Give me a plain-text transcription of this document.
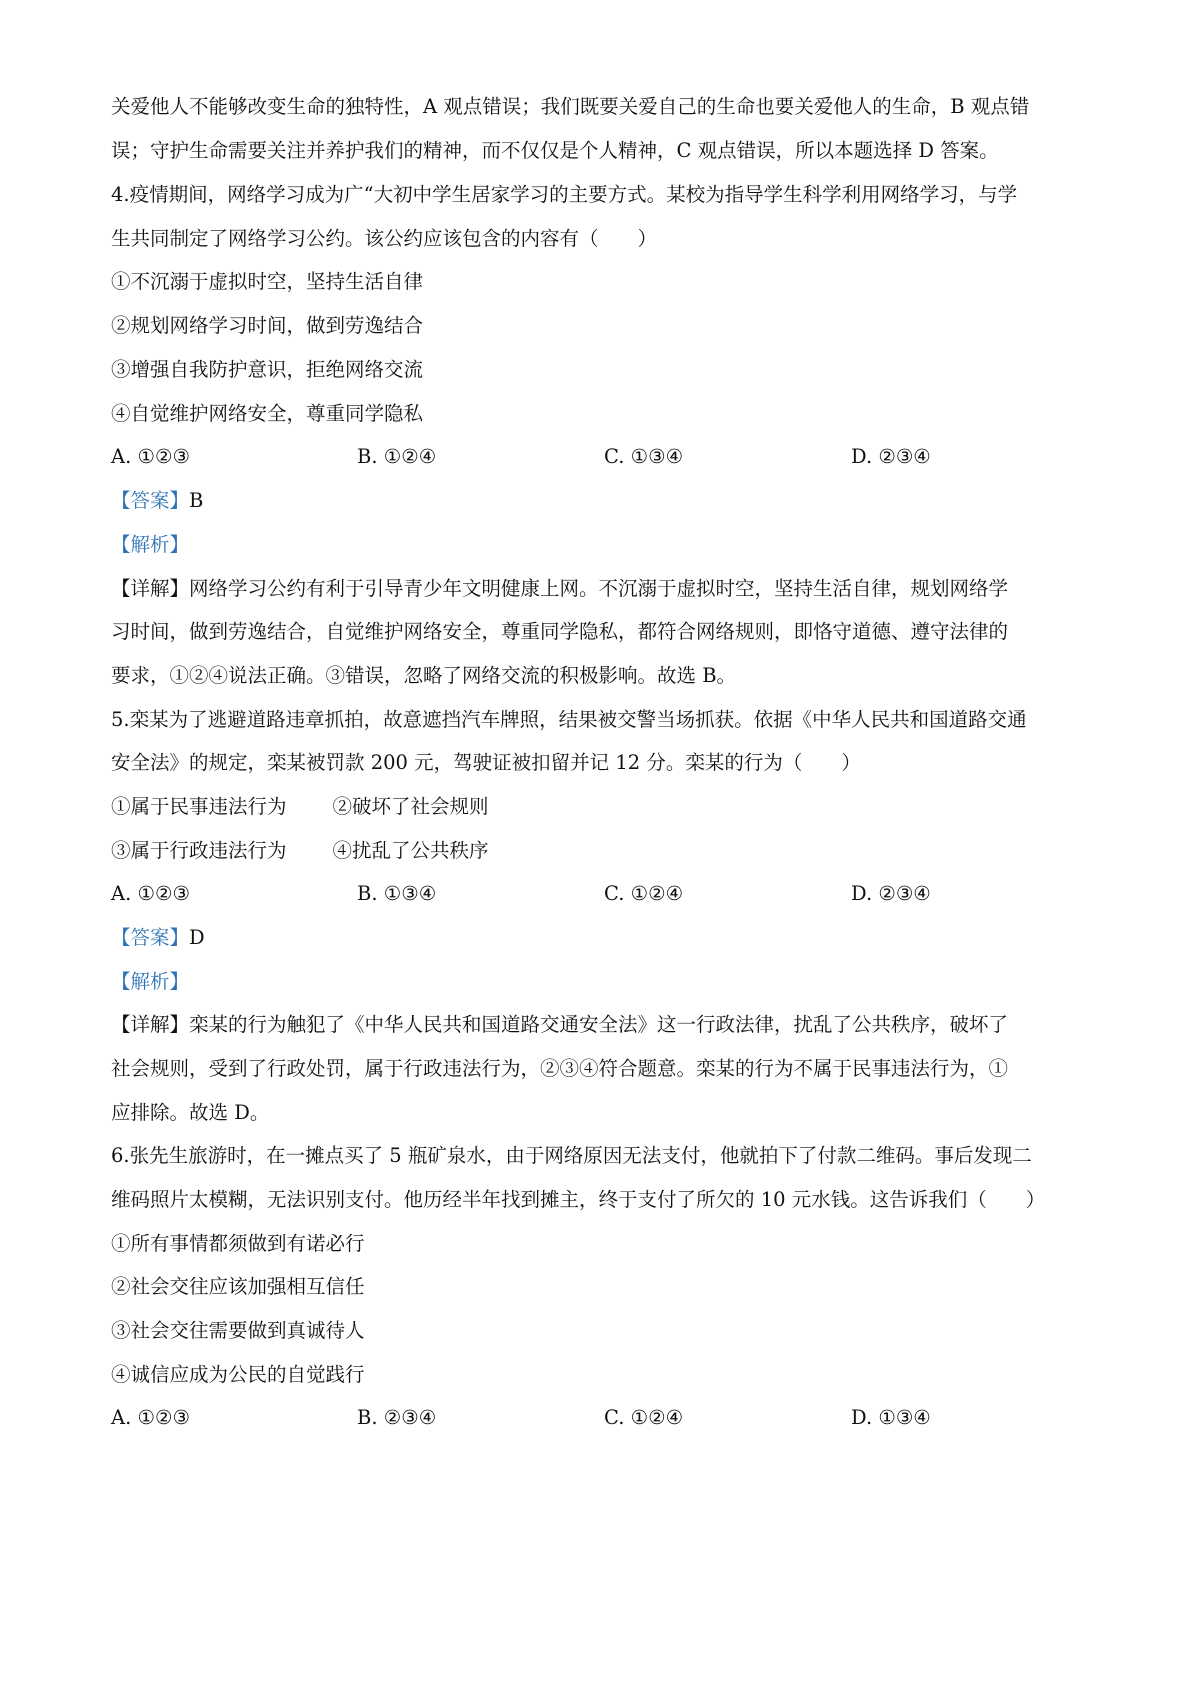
关爱他人不能够改变生命的独特性，A 观点错误；我们既要关爱自己的生命也要关爱他人的生命，B 观点错
误；守护生命需要关注并养护我们的精神，而不仅仅是个人精神，C 观点错误，所以本题选择 D 答案。
4.疫情期间，网络学习成为广“大初中学生居家学习的主要方式。某校为指导学生科学利用网络学习，与学
生共同制定了网络学习公约。该公约应该包含的内容有（　　）
①不沉溺于虚拟时空，坚持生活自律
②规划网络学习时间，做到劳逸结合
③增强自我防护意识，拒绝网络交流
④自觉维护网络安全，尊重同学隐私
A. ①②③	B. ①②④	C. ①③④	D. ②③④
【答案】B
【解析】
【详解】网络学习公约有利于引导青少年文明健康上网。不沉溺于虚拟时空，坚持生活自律，规划网络学
习时间，做到劳逸结合，自觉维护网络安全，尊重同学隐私，都符合网络规则，即恪守道德、遵守法律的
要求，①②④说法正确。③错误，忽略了网络交流的积极影响。故选 B。
5.栾某为了逃避道路违章抓拍，故意遮挡汽车牌照，结果被交警当场抓获。依据《中华人民共和国道路交通
安全法》的规定，栾某被罚款 200 元，驾驶证被扣留并记 12 分。栾某的行为（　　）
①属于民事违法行为 ②破坏了社会规则
③属于行政违法行为 ④扰乱了公共秩序
A. ①②③	B. ①③④	C. ①②④	D. ②③④
【答案】D
【解析】
【详解】栾某的行为触犯了《中华人民共和国道路交通安全法》这一行政法律，扰乱了公共秩序，破坏了
社会规则，受到了行政处罚，属于行政违法行为，②③④符合题意。栾某的行为不属于民事违法行为，①
应排除。故选 D。
6.张先生旅游时，在一摊点买了 5 瓶矿泉水，由于网络原因无法支付，他就拍下了付款二维码。事后发现二
维码照片太模糊，无法识别支付。他历经半年找到摊主，终于支付了所欠的 10 元水钱。这告诉我们（　　）
①所有事情都须做到有诺必行
②社会交往应该加强相互信任
③社会交往需要做到真诚待人
④诚信应成为公民的自觉践行
A. ①②③	B. ②③④	C. ①②④	D. ①③④
